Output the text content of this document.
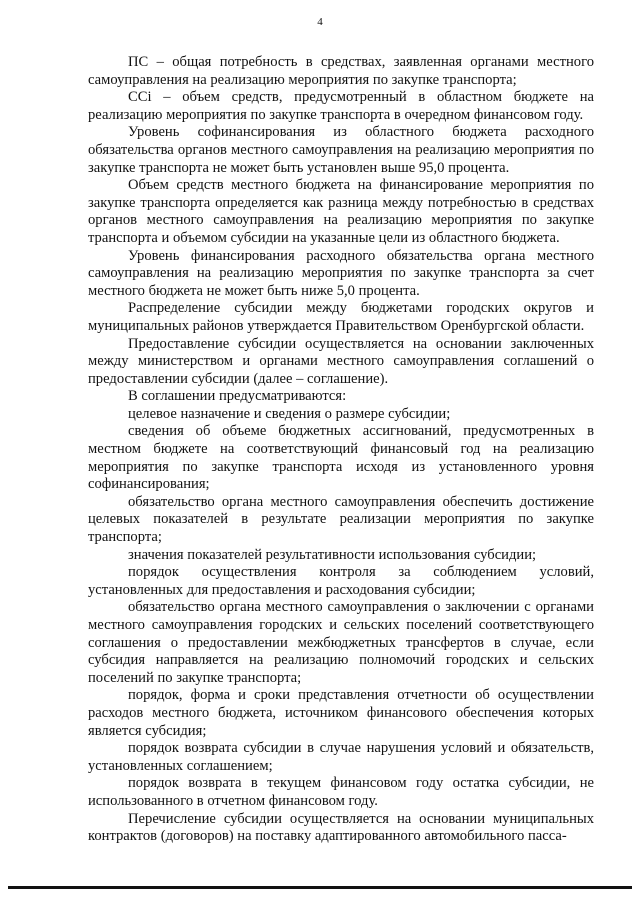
4

ПС – общая потребность в средствах, заявленная органами местного самоуправления на реализацию мероприятия по закупке транспорта;

ССi – объем средств, предусмотренный в областном бюджете на реализацию мероприятия по закупке транспорта в очередном финансовом году.

Уровень софинансирования из областного бюджета расходного обязательства органов местного самоуправления на реализацию мероприятия по закупке транспорта не может быть установлен выше 95,0 процента.

Объем средств местного бюджета на финансирование мероприятия по закупке транспорта определяется как разница между потребностью в средствах органов местного самоуправления на реализацию мероприятия по закупке транспорта и объемом субсидии на указанные цели из областного бюджета.

Уровень финансирования расходного обязательства органа местного самоуправления на реализацию мероприятия по закупке транспорта за счет местного бюджета не может быть ниже 5,0 процента.

Распределение субсидии между бюджетами городских округов и муниципальных районов утверждается Правительством Оренбургской области.

Предоставление субсидии осуществляется на основании заключенных между министерством и органами местного самоуправления соглашений о предоставлении субсидии (далее – соглашение).

В соглашении предусматриваются:

целевое назначение и сведения о размере субсидии;

сведения об объеме бюджетных ассигнований, предусмотренных в местном бюджете на соответствующий финансовый год на реализацию мероприятия по закупке транспорта исходя из установленного уровня софинансирования;

обязательство органа местного самоуправления обеспечить достижение целевых показателей в результате реализации мероприятия по закупке транспорта;

значения показателей результативности использования субсидии;

порядок осуществления контроля за соблюдением условий, установленных для предоставления и расходования субсидии;

обязательство органа местного самоуправления о заключении с органами местного самоуправления городских и сельских поселений соответствующего соглашения о предоставлении межбюджетных трансфертов в случае, если субсидия направляется на реализацию полномочий городских и сельских поселений по закупке транспорта;

порядок, форма и сроки представления отчетности об осуществлении расходов местного бюджета, источником финансового обеспечения которых является субсидия;

порядок возврата субсидии в случае нарушения условий и обязательств, установленных соглашением;

порядок возврата в текущем финансовом году остатка субсидии, не использованного в отчетном финансовом году.

Перечисление субсидии осуществляется на основании муниципальных контрактов (договоров) на поставку адаптированного автомобильного пасса-
